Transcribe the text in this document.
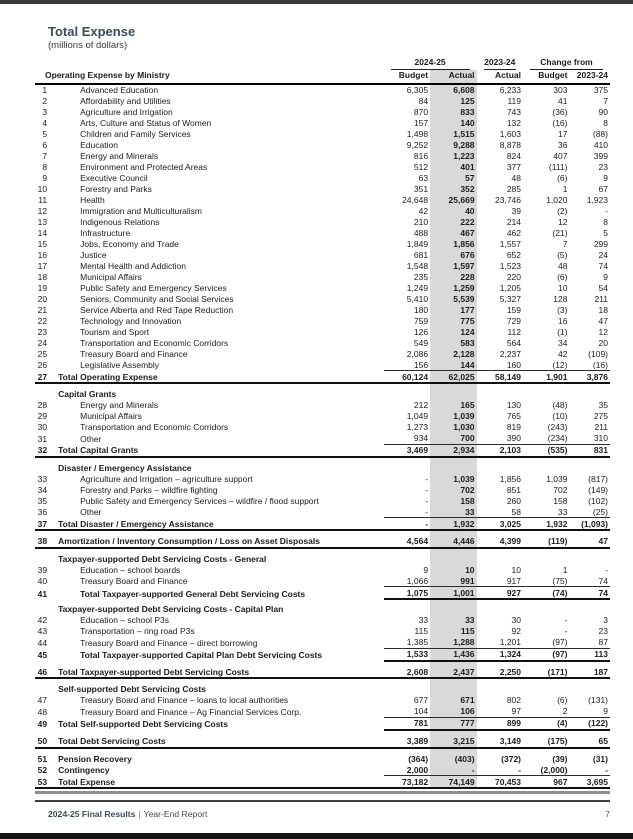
Total Expense
(millions of dollars)

		2024-25		2023-24	Change from	

Operating Expense by Ministry		Budget	Actual	Actual	Budget	2023-24
1	Advanced Education	6,305	6,608	6,233	303	375
2	Affordability and Utilities	84	125	119	41	7
3	Agriculture and Irrigation	870	833	743	(36)	90
4	Arts, Culture and Status of Women	157	140	132	(16)	8
5	Children and Family Services	1,498	1,515	1,603	17	(88)
6	Education	9,252	9,288	8,878	36	410
7	Energy and Minerals	816	1,223	824	407	399
8	Environment and Protected Areas	512	401	377	(111)	23
9	Executive Council	63	57	48	(6)	9
10	Forestry and Parks	351	352	285	1	67
11	Health	24,648	25,669	23,746	1,020	1,923
12	Immigration and Multiculturalism	42	40	39	(2)	-
13	Indigenous Relations	210	222	214	12	8
14	Infrastructure	488	467	462	(21)	5
15	Jobs, Economy and Trade	1,849	1,856	1,557	7	299
16	Justice	681	676	652	(5)	24
17	Mental Health and Addiction	1,548	1,597	1,523	48	74
18	Municipal Affairs	235	228	220	(6)	9
19	Public Safety and Emergency Services	1,249	1,259	1,205	10	54
20	Seniors, Community and Social Services	5,410	5,539	5,327	128	211
21	Service Alberta and Red Tape Reduction	180	177	159	(3)	18
22	Technology and Innovation	759	775	729	16	47
23	Tourism and Sport	126	124	112	(1)	12
24	Transportation and Economic Corridors	549	583	564	34	20
25	Treasury Board and Finance	2,086	2,128	2,237	42	(109)
26	Legislative Assembly	156	144	160	(12)	(16)
27	Total Operating Expense	60,124	62,025	58,149	1,901	3,876
	Capital Grants					
28	Energy and Minerals	212	165	130	(48)	35
29	Municipal Affairs	1,049	1,039	765	(10)	275
30	Transportation and Economic Corridors	1,273	1,030	819	(243)	211
31	Other	934	700	390	(234)	310
32	Total Capital Grants	3,469	2,934	2,103	(535)	831
	Disaster / Emergency Assistance					
33	Agriculture and Irrigation – agriculture support	-	1,039	1,856	1,039	(817)
34	Forestry and Parks – wildfire fighting	-	702	851	702	(149)
35	Public Safety and Emergency Services – wildfire / flood support	-	158	260	158	(102)
36	Other	-	33	58	33	(25)
37	Total Disaster / Emergency Assistance	-	1,932	3,025	1,932	(1,093)
38	Amortization / Inventory Consumption / Loss on Asset Disposals	4,564	4,446	4,399	(119)	47
	Taxpayer-supported Debt Servicing Costs - General					
39	Education – school boards	9	10	10	1	-
40	Treasury Board and Finance	1,066	991	917	(75)	74
41	Total Taxpayer-supported General Debt Servicing Costs	1,075	1,001	927	(74)	74
	Taxpayer-supported Debt Servicing Costs - Capital Plan					
42	Education – school P3s	33	33	30	-	3
43	Transportation – ring road P3s	115	115	92	-	23
44	Treasury Board and Finance – direct borrowing	1,385	1,288	1,201	(97)	87
45	Total Taxpayer-supported Capital Plan Debt Servicing Costs	1,533	1,436	1,324	(97)	113
46	Total Taxpayer-supported Debt Servicing Costs	2,608	2,437	2,250	(171)	187
	Self-supported Debt Servicing Costs					
47	Treasury Board and Finance – loans to local authorities	677	671	802	(6)	(131)
48	Treasury Board and Finance – Ag Financial Services Corp.	104	106	97	2	9
49	Total Self-supported Debt Servicing Costs	781	777	899	(4)	(122)
50	Total Debt Servicing Costs	3,389	3,215	3,149	(175)	65
51	Pension Recovery	(364)	(403)	(372)	(39)	(31)
52	Contingency	2,000	-	-	(2,000)	-
53	Total Expense	73,182	74,149	70,453	967	3,695
2024-25 Final Results | Year-End Report	7
